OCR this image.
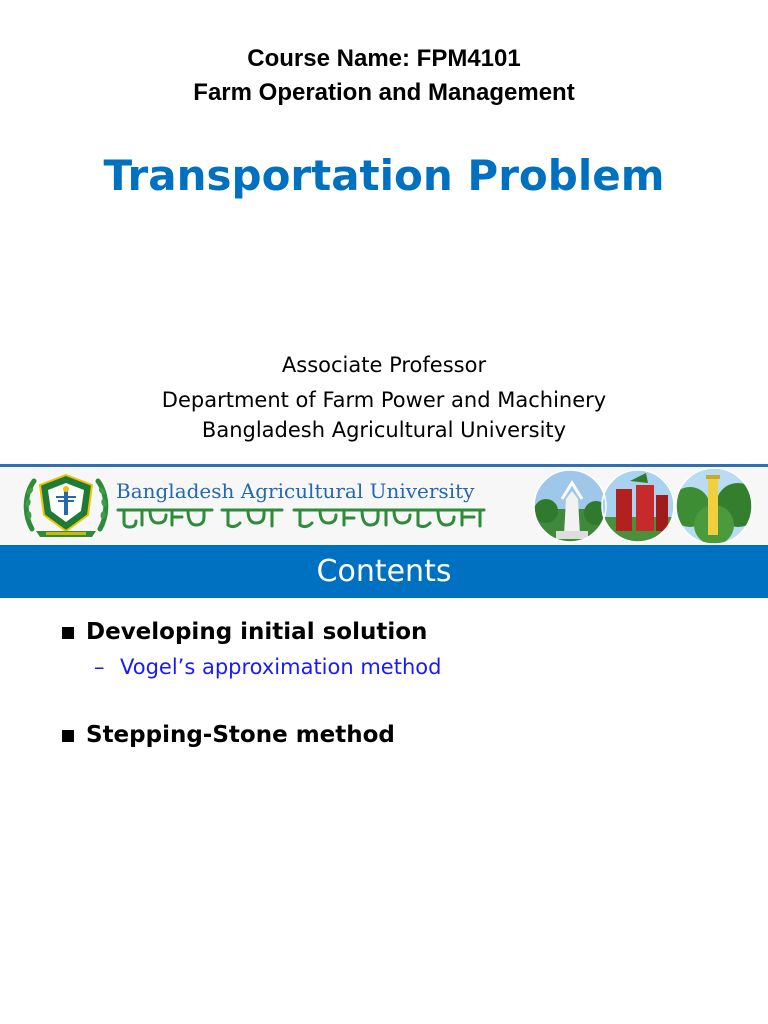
Course Name: FPM4101
Farm Operation and Management
Transportation Problem
Associate Professor
Department of Farm Power and Machinery
Bangladesh Agricultural University
Bangladesh Agricultural University
Contents
Developing initial solution
– Vogel’s approximation method
Stepping-Stone method
